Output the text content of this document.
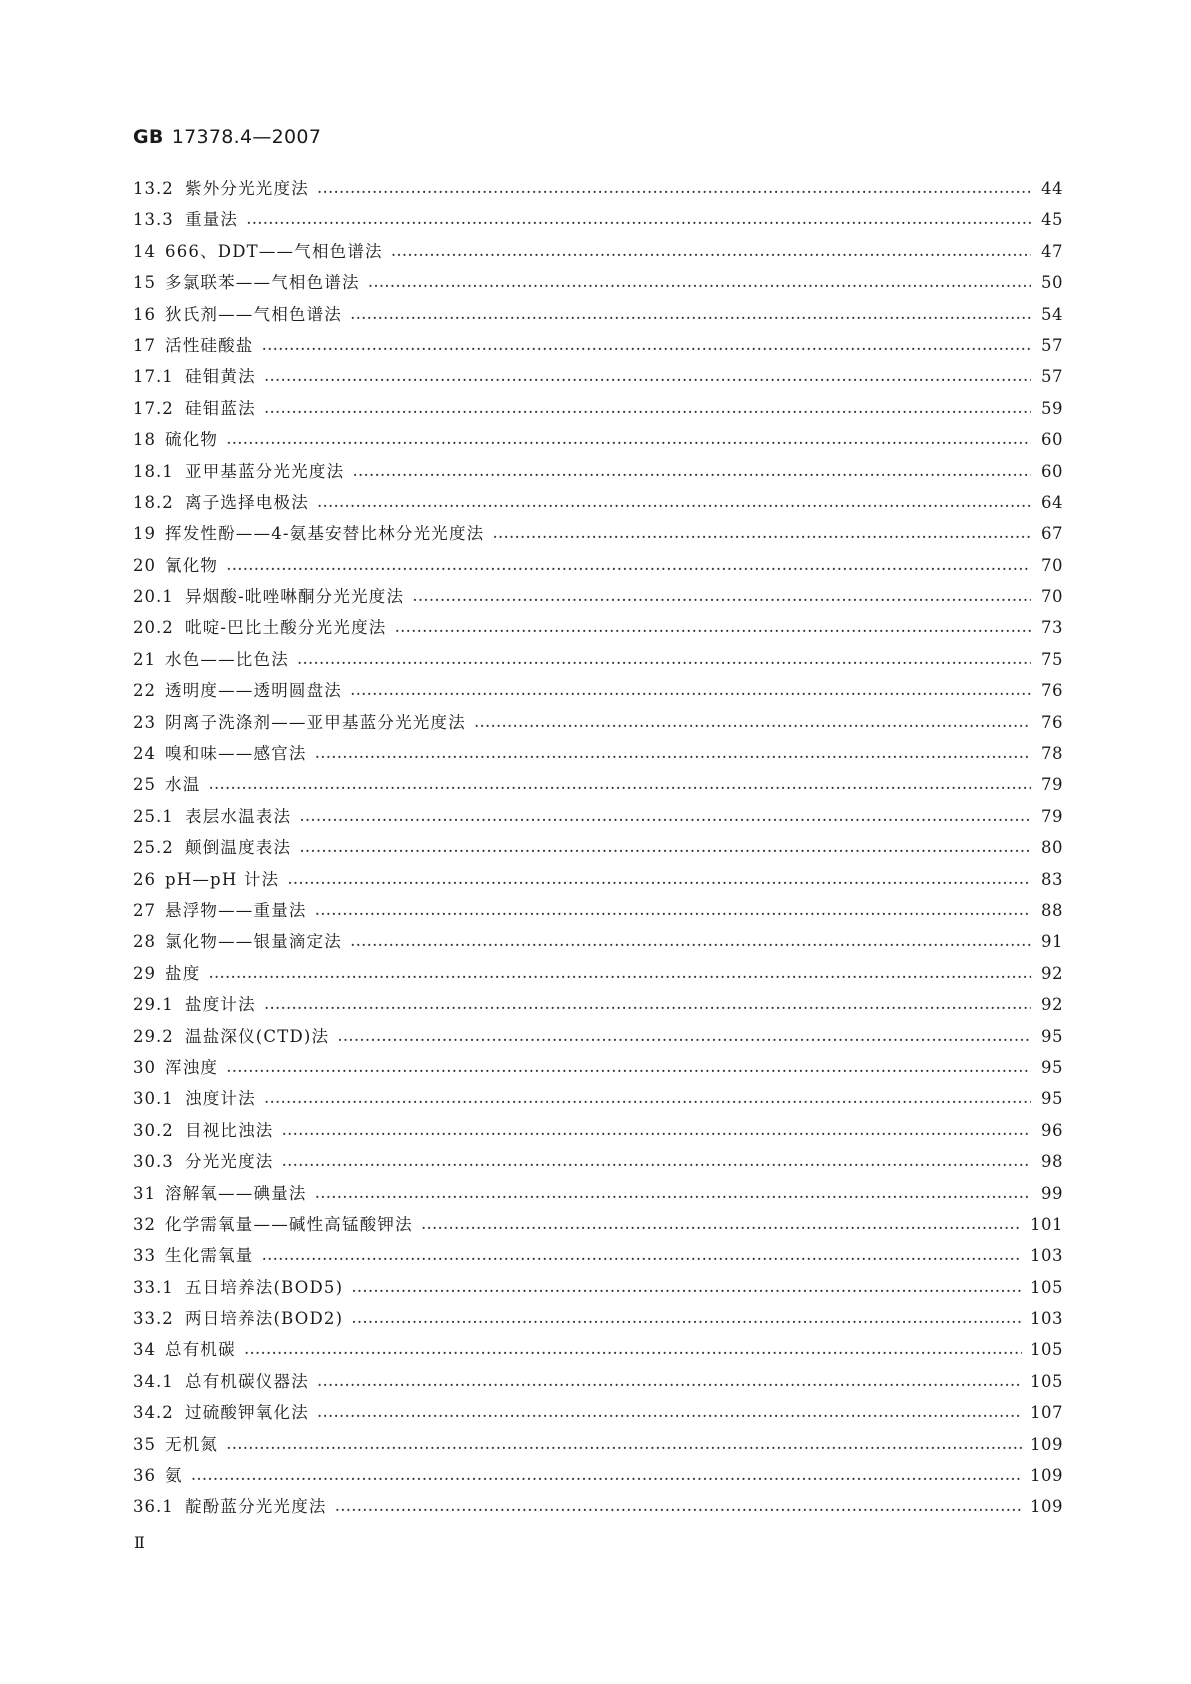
GB 17378.4—2007
13.2 紫外分光光度法 …………………………………………………………………………………………………………………………………………………………………………………………………………………………………………………	44
13.3 重量法 …………………………………………………………………………………………………………………………………………………………………………………………………………………………………………………	45
14 666、DDT——气相色谱法 …………………………………………………………………………………………………………………………………………………………………………………………………………………………………………………	47
15 多氯联苯——气相色谱法 …………………………………………………………………………………………………………………………………………………………………………………………………………………………………………………	50
16 狄氏剂——气相色谱法 …………………………………………………………………………………………………………………………………………………………………………………………………………………………………………………	54
17 活性硅酸盐 …………………………………………………………………………………………………………………………………………………………………………………………………………………………………………………	57
17.1 硅钼黄法 …………………………………………………………………………………………………………………………………………………………………………………………………………………………………………………	57
17.2 硅钼蓝法 …………………………………………………………………………………………………………………………………………………………………………………………………………………………………………………	59
18 硫化物 …………………………………………………………………………………………………………………………………………………………………………………………………………………………………………………	60
18.1 亚甲基蓝分光光度法 …………………………………………………………………………………………………………………………………………………………………………………………………………………………………………………	60
18.2 离子选择电极法 …………………………………………………………………………………………………………………………………………………………………………………………………………………………………………………	64
19 挥发性酚——4-氨基安替比林分光光度法 …………………………………………………………………………………………………………………………………………………………………………………………………………………………………………………	67
20 氰化物 …………………………………………………………………………………………………………………………………………………………………………………………………………………………………………………	70
20.1 异烟酸-吡唑啉酮分光光度法 …………………………………………………………………………………………………………………………………………………………………………………………………………………………………………………	70
20.2 吡啶-巴比土酸分光光度法 …………………………………………………………………………………………………………………………………………………………………………………………………………………………………………………	73
21 水色——比色法 …………………………………………………………………………………………………………………………………………………………………………………………………………………………………………………	75
22 透明度——透明圆盘法 …………………………………………………………………………………………………………………………………………………………………………………………………………………………………………………	76
23 阴离子洗涤剂——亚甲基蓝分光光度法 …………………………………………………………………………………………………………………………………………………………………………………………………………………………………………………	76
24 嗅和味——感官法 …………………………………………………………………………………………………………………………………………………………………………………………………………………………………………………	78
25 水温 …………………………………………………………………………………………………………………………………………………………………………………………………………………………………………………	79
25.1 表层水温表法 …………………………………………………………………………………………………………………………………………………………………………………………………………………………………………………	79
25.2 颠倒温度表法 …………………………………………………………………………………………………………………………………………………………………………………………………………………………………………………	80
26 pH—pH 计法 …………………………………………………………………………………………………………………………………………………………………………………………………………………………………………………	83
27 悬浮物——重量法 …………………………………………………………………………………………………………………………………………………………………………………………………………………………………………………	88
28 氯化物——银量滴定法 …………………………………………………………………………………………………………………………………………………………………………………………………………………………………………………	91
29 盐度 …………………………………………………………………………………………………………………………………………………………………………………………………………………………………………………	92
29.1 盐度计法 …………………………………………………………………………………………………………………………………………………………………………………………………………………………………………………	92
29.2 温盐深仪(CTD)法 …………………………………………………………………………………………………………………………………………………………………………………………………………………………………………………	95
30 浑浊度 …………………………………………………………………………………………………………………………………………………………………………………………………………………………………………………	95
30.1 浊度计法 …………………………………………………………………………………………………………………………………………………………………………………………………………………………………………………	95
30.2 目视比浊法 …………………………………………………………………………………………………………………………………………………………………………………………………………………………………………………	96
30.3 分光光度法 …………………………………………………………………………………………………………………………………………………………………………………………………………………………………………………	98
31 溶解氧——碘量法 …………………………………………………………………………………………………………………………………………………………………………………………………………………………………………………	99
32 化学需氧量——碱性高锰酸钾法 …………………………………………………………………………………………………………………………………………………………………………………………………………………………………………………	101
33 生化需氧量 …………………………………………………………………………………………………………………………………………………………………………………………………………………………………………………	103
33.1 五日培养法(BOD5) …………………………………………………………………………………………………………………………………………………………………………………………………………………………………………………	105
33.2 两日培养法(BOD2) …………………………………………………………………………………………………………………………………………………………………………………………………………………………………………………	103
34 总有机碳 …………………………………………………………………………………………………………………………………………………………………………………………………………………………………………………	105
34.1 总有机碳仪器法 …………………………………………………………………………………………………………………………………………………………………………………………………………………………………………………	105
34.2 过硫酸钾氧化法 …………………………………………………………………………………………………………………………………………………………………………………………………………………………………………………	107
35 无机氮 …………………………………………………………………………………………………………………………………………………………………………………………………………………………………………………	109
36 氨 …………………………………………………………………………………………………………………………………………………………………………………………………………………………………………………	109
36.1 靛酚蓝分光光度法 …………………………………………………………………………………………………………………………………………………………………………………………………………………………………………………	109
Ⅱ
